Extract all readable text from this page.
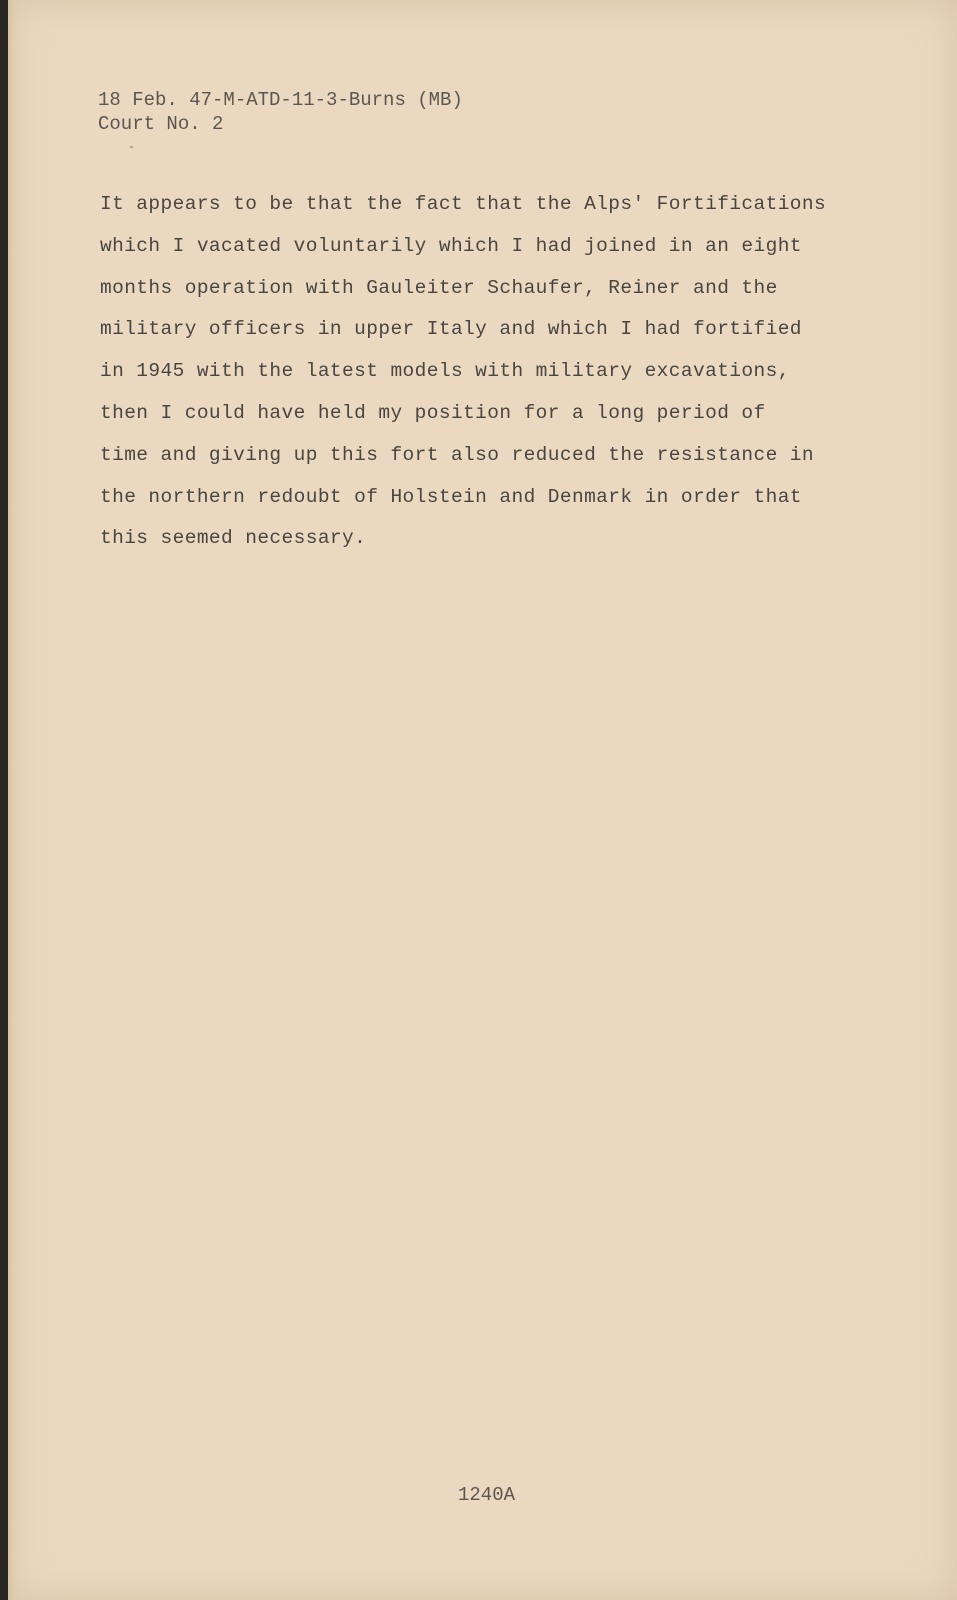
18 Feb. 47-M-ATD-11-3-Burns (MB)
Court No. 2
-
It appears to be that the fact that the Alps' Fortifications
which I vacated voluntarily which I had joined in an eight
months operation with Gauleiter Schaufer, Reiner and the
military officers in upper Italy and which I had fortified
in 1945 with the latest models with military excavations,
then I could have held my position for a long period of
time and giving up this fort also reduced the resistance in
the northern redoubt of Holstein and Denmark in order that
this seemed necessary.
1240A
